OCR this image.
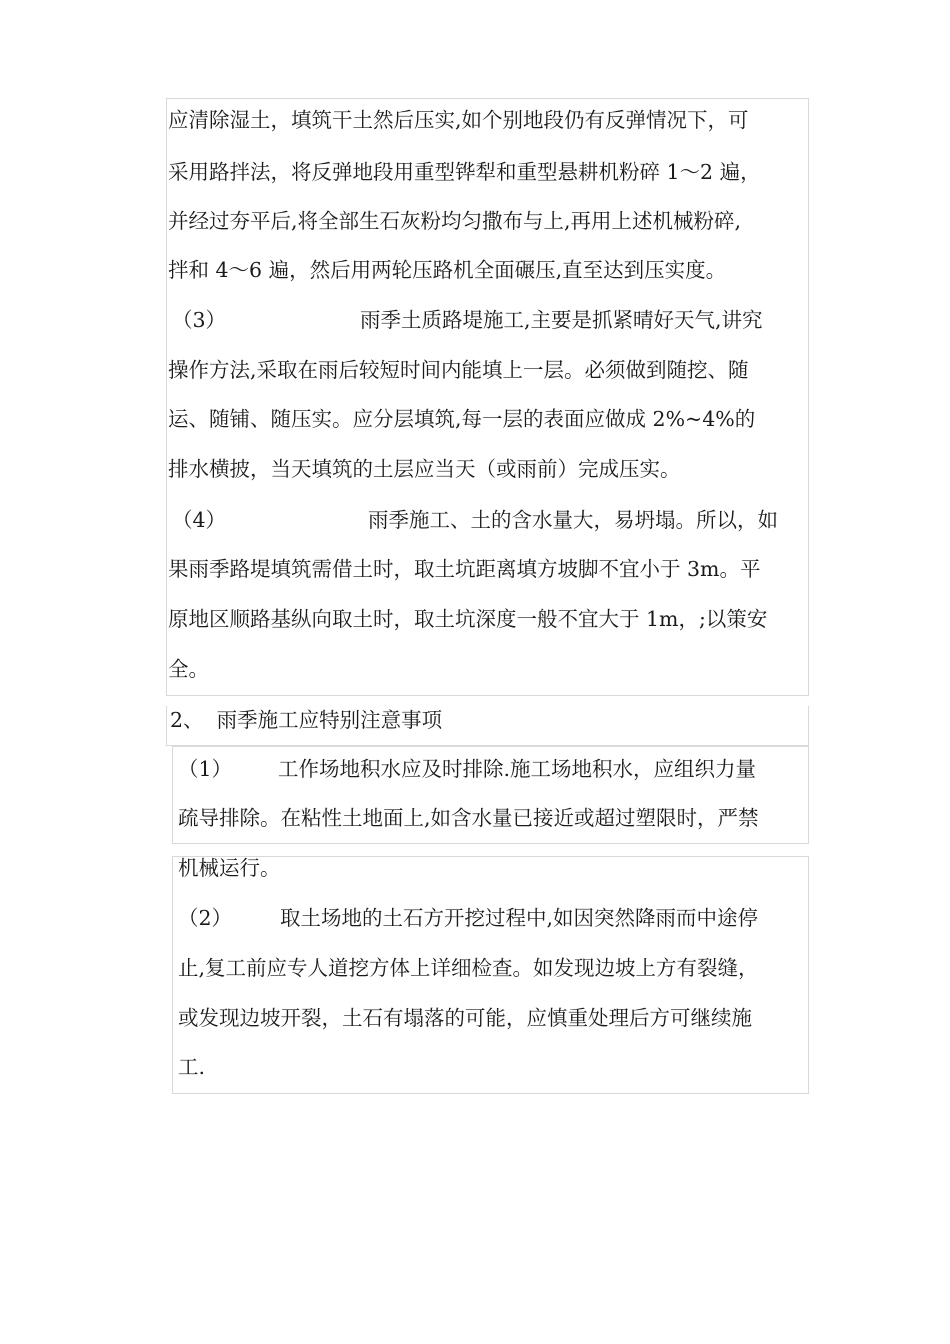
应清除湿土，填筑干土然后压实,如个别地段仍有反弹情况下，可
采用路拌法，将反弹地段用重型铧犁和重型悬耕机粉碎 1～2 遍，
并经过夯平后,将全部生石灰粉均匀撒布与上,再用上述机械粉碎,
拌和 4～6 遍，然后用两轮压路机全面碾压,直至达到压实度。
（3）	雨季土质路堤施工,主要是抓紧晴好天气,讲究
操作方法,采取在雨后较短时间内能填上一层。必须做到随挖、随
运、随铺、随压实。应分层填筑,每一层的表面应做成 2%~4%的
排水横披，当天填筑的土层应当天（或雨前）完成压实。
（4）	雨季施工、土的含水量大，易坍塌。所以，如
果雨季路堤填筑需借土时，取土坑距离填方坡脚不宜小于 3m。平
原地区顺路基纵向取土时，取土坑深度一般不宜大于 1m，;以策安
全。
2、  雨季施工应特别注意事项
（1） 工作场地积水应及时排除.施工场地积水，应组织力量
疏导排除。在粘性土地面上,如含水量已接近或超过塑限时，严禁
机械运行。
（2） 取土场地的土石方开挖过程中,如因突然降雨而中途停
止,复工前应专人道挖方体上详细检查。如发现边坡上方有裂缝，
或发现边坡开裂，土石有塌落的可能，应慎重处理后方可继续施
工.
